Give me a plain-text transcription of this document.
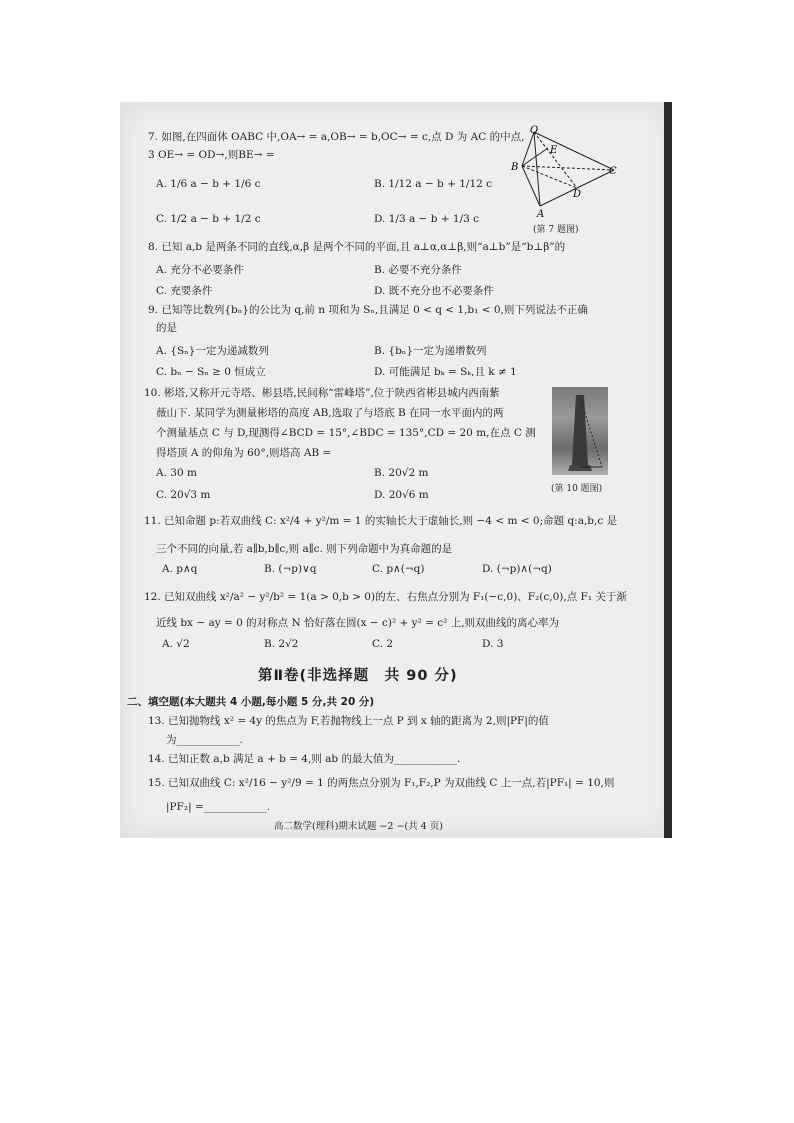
7. 如图,在四面体 OABC 中,OA→ = a,OB→ = b,OC→ = c,点 D 为 AC 的中点,
3 OE→ = OD→,则BE→ =
A. 1/6 a − b + 1/6 c	B. 1/12 a − b + 1/12 c
C. 1/2 a − b + 1/2 c	D. 1/3 a − b + 1/3 c
O
E
B	C
D
A
(第 7 题图)
8. 已知 a,b 是两条不同的直线,α,β 是两个不同的平面,且 a⊥α,α⊥β,则“a⊥b”是“b⊥β”的
A. 充分不必要条件	B. 必要不充分条件
C. 充要条件	D. 既不充分也不必要条件
9. 已知等比数列{bₙ}的公比为 q,前 n 项和为 Sₙ,且满足 0 < q < 1,b₁ < 0,则下列说法不正确
的是
A. {Sₙ}一定为递减数列	B. {bₙ}一定为递增数列
C. bₙ − Sₙ ≥ 0 恒成立	D. 可能满足 bₖ = Sₖ,且 k ≠ 1
10. 彬塔,又称开元寺塔、彬县塔,民间称“雷峰塔”,位于陕西省彬县城内西南紫
薇山下. 某同学为测量彬塔的高度 AB,选取了与塔底 B 在同一水平面内的两
个测量基点 C 与 D,现测得∠BCD = 15°,∠BDC = 135°,CD = 20 m,在点 C 测
得塔顶 A 的仰角为 60°,则塔高 AB =
A. 30 m	B. 20√2 m
C. 20√3 m	D. 20√6 m	(第 10 题图)
11. 已知命题 p:若双曲线 C: x²/4 + y²/m = 1 的实轴长大于虚轴长,则 −4 < m < 0;命题 q:a,b,c 是
三个不同的向量,若 a∥b,b∥c,则 a∥c. 则下列命题中为真命题的是
A. p∧q	B. (¬p)∨q	C. p∧(¬q)	D. (¬p)∧(¬q)
12. 已知双曲线 x²/a² − y²/b² = 1(a > 0,b > 0)的左、右焦点分别为 F₁(−c,0)、F₂(c,0),点 F₁ 关于渐
近线 bx − ay = 0 的对称点 N 恰好落在圆(x − c)² + y² = c² 上,则双曲线的离心率为
A. √2	B. 2√2	C. 2	D. 3
第Ⅱ卷(非选择题　共 90 分)
二、填空题(本大题共 4 小题,每小题 5 分,共 20 分)
13. 已知抛物线 x² = 4y 的焦点为 F,若抛物线上一点 P 到 x 轴的距离为 2,则|PF|的值
为____________.
14. 已知正数 a,b 满足 a + b = 4,则 ab 的最大值为____________.
15. 已知双曲线 C: x²/16 − y²/9 = 1 的两焦点分别为 F₁,F₂,P 为双曲线 C 上一点,若|PF₁| = 10,则
|PF₂| =____________.
高二数学(理科)期末试题 −2 −(共 4 页)
